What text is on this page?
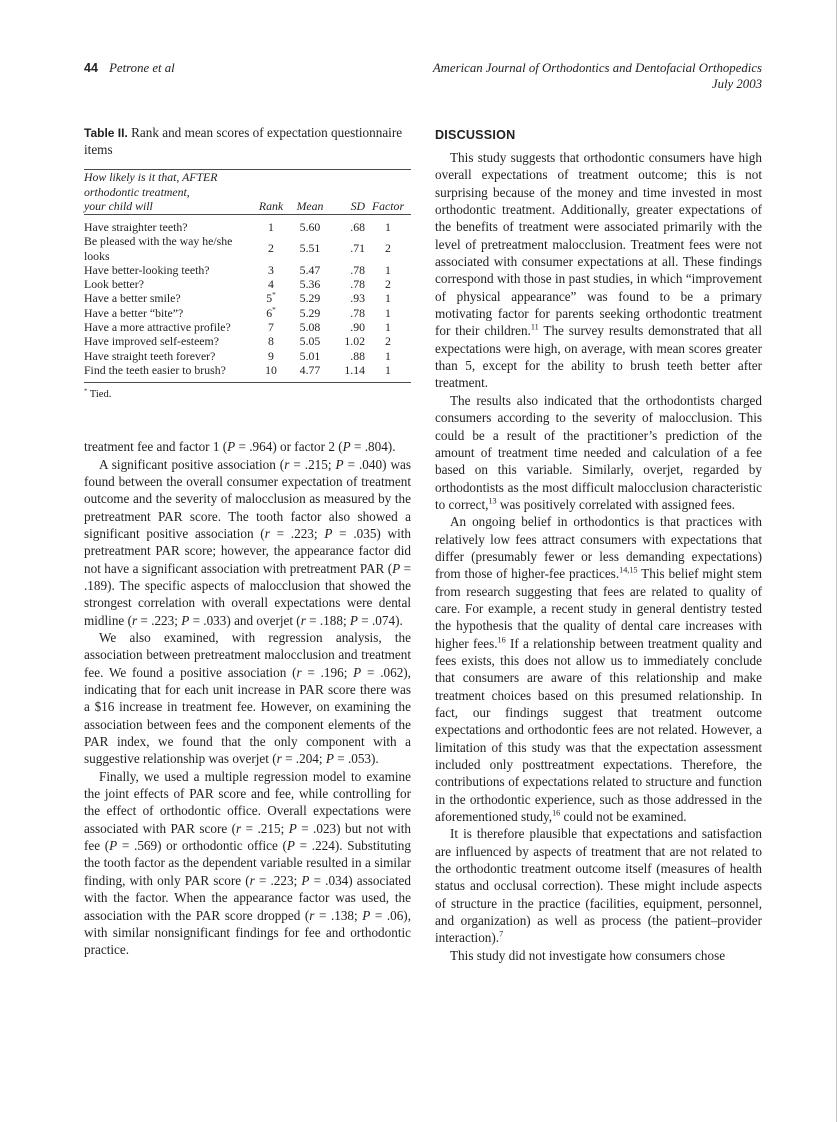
44 Petrone et al	American Journal of Orthodontics and Dentofacial Orthopedics
July 2003

Table II. Rank and mean scores of expectation questionnaire items

How likely is it that, AFTER
orthodontic treatment,
your child will	Rank	Mean	SD	Factor
Have straighter teeth?	1	5.60	.68	1
Be pleased with the way he/she looks	2	5.51	.71	2
Have better-looking teeth?	3	5.47	.78	1
Look better?	4	5.36	.78	2
Have a better smile?	5*	5.29	.93	1
Have a better “bite”?	6*	5.29	.78	1
Have a more attractive profile?	7	5.08	.90	1
Have improved self-esteem?	8	5.05	1.02	2
Have straight teeth forever?	9	5.01	.88	1
Find the teeth easier to brush?	10	4.77	1.14	1

* Tied.

treatment fee and factor 1 (P = .964) or factor 2 (P = .804).

A significant positive association (r = .215; P = .040) was found between the overall consumer expectation of treatment outcome and the severity of malocclusion as measured by the pretreatment PAR score. The tooth factor also showed a significant positive association (r = .223; P = .035) with pretreatment PAR score; however, the appearance factor did not have a significant association with pretreatment PAR (P = .189). The specific aspects of malocclusion that showed the strongest correlation with overall expectations were dental midline (r = .223; P = .033) and overjet (r = .188; P = .074).

We also examined, with regression analysis, the association between pretreatment malocclusion and treatment fee. We found a positive association (r = .196; P = .062), indicating that for each unit increase in PAR score there was a $16 increase in treatment fee. However, on examining the association between fees and the component elements of the PAR index, we found that the only component with a suggestive relationship was overjet (r = .204; P = .053).

Finally, we used a multiple regression model to examine the joint effects of PAR score and fee, while controlling for the effect of orthodontic office. Overall expectations were associated with PAR score (r = .215; P = .023) but not with fee (P = .569) or orthodontic office (P = .224). Substituting the tooth factor as the dependent variable resulted in a similar finding, with only PAR score (r = .223; P = .034) associated with the factor. When the appearance factor was used, the association with the PAR score dropped (r = .138; P = .06), with similar nonsignificant findings for fee and orthodontic practice.

DISCUSSION

This study suggests that orthodontic consumers have high overall expectations of treatment outcome; this is not surprising because of the money and time invested in most orthodontic treatment. Additionally, greater expectations of the benefits of treatment were associated primarily with the level of pretreatment malocclusion. Treatment fees were not associated with consumer expectations at all. These findings correspond with those in past studies, in which “improvement of physical appearance” was found to be a primary motivating factor for parents seeking orthodontic treatment for their children.$^{11}$ The survey results demonstrated that all expectations were high, on average, with mean scores greater than 5, except for the ability to brush teeth better after treatment.

The results also indicated that the orthodontists charged consumers according to the severity of malocclusion. This could be a result of the practitioner’s prediction of the amount of treatment time needed and calculation of a fee based on this variable. Similarly, overjet, regarded by orthodontists as the most difficult malocclusion characteristic to correct,$^{13}$ was positively correlated with assigned fees.

An ongoing belief in orthodontics is that practices with relatively low fees attract consumers with expectations that differ (presumably fewer or less demanding expectations) from those of higher-fee practices.$^{14,15}$ This belief might stem from research suggesting that fees are related to quality of care. For example, a recent study in general dentistry tested the hypothesis that the quality of dental care increases with higher fees.$^{16}$ If a relationship between treatment quality and fees exists, this does not allow us to immediately conclude that consumers are aware of this relationship and make treatment choices based on this presumed relationship. In fact, our findings suggest that treatment outcome expectations and orthodontic fees are not related. However, a limitation of this study was that the expectation assessment included only posttreatment expectations. Therefore, the contributions of expectations related to structure and function in the orthodontic experience, such as those addressed in the aforementioned study,$^{16}$ could not be examined.

It is therefore plausible that expectations and satisfaction are influenced by aspects of treatment that are not related to the orthodontic treatment outcome itself (measures of health status and occlusal correction). These might include aspects of structure in the practice (facilities, equipment, personnel, and organization) as well as process (the patient–provider interaction).$^7$

This study did not investigate how consumers chose
